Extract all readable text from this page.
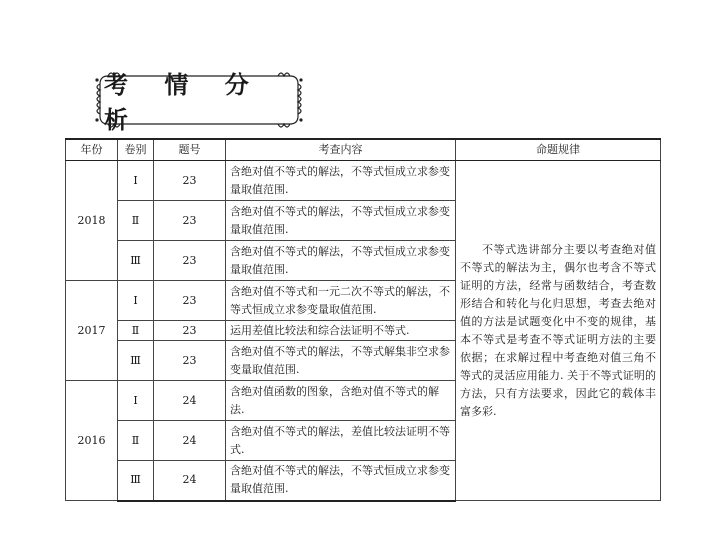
考 情 分 析
年份	卷别	题号	考查内容	命题规律
2018	Ⅰ	23	含绝对值不等式的解法，不等式恒成立求参变量取值范围.	不等式选讲部分主要以考查绝对值不等式的解法为主，偶尔也考含不等式证明的方法，经常与函数结合，考查数形结合和转化与化归思想，考查去绝对值的方法是试题变化中不变的规律，基本不等式是考查不等式证明方法的主要依据；在求解过程中考查绝对值三角不等式的灵活应用能力. 关于不等式证明的方法，只有方法要求，因此它的载体丰富多彩.

	Ⅱ	23	含绝对值不等式的解法，不等式恒成立求参变量取值范围.	
	Ⅲ	23	含绝对值不等式的解法，不等式恒成立求参变量取值范围.	
2017	Ⅰ	23	含绝对值不等式和一元二次不等式的解法，不等式恒成立求参变量取值范围.	
	Ⅱ	23	运用差值比较法和综合法证明不等式.	
	Ⅲ	23	含绝对值不等式的解法，不等式解集非空求参变量取值范围.	
2016	Ⅰ	24	含绝对值函数的图象，含绝对值不等式的解法.	
	Ⅱ	24	含绝对值不等式的解法，差值比较法证明不等式.	
	Ⅲ	24	含绝对值不等式的解法，不等式恒成立求参变量取值范围.	
